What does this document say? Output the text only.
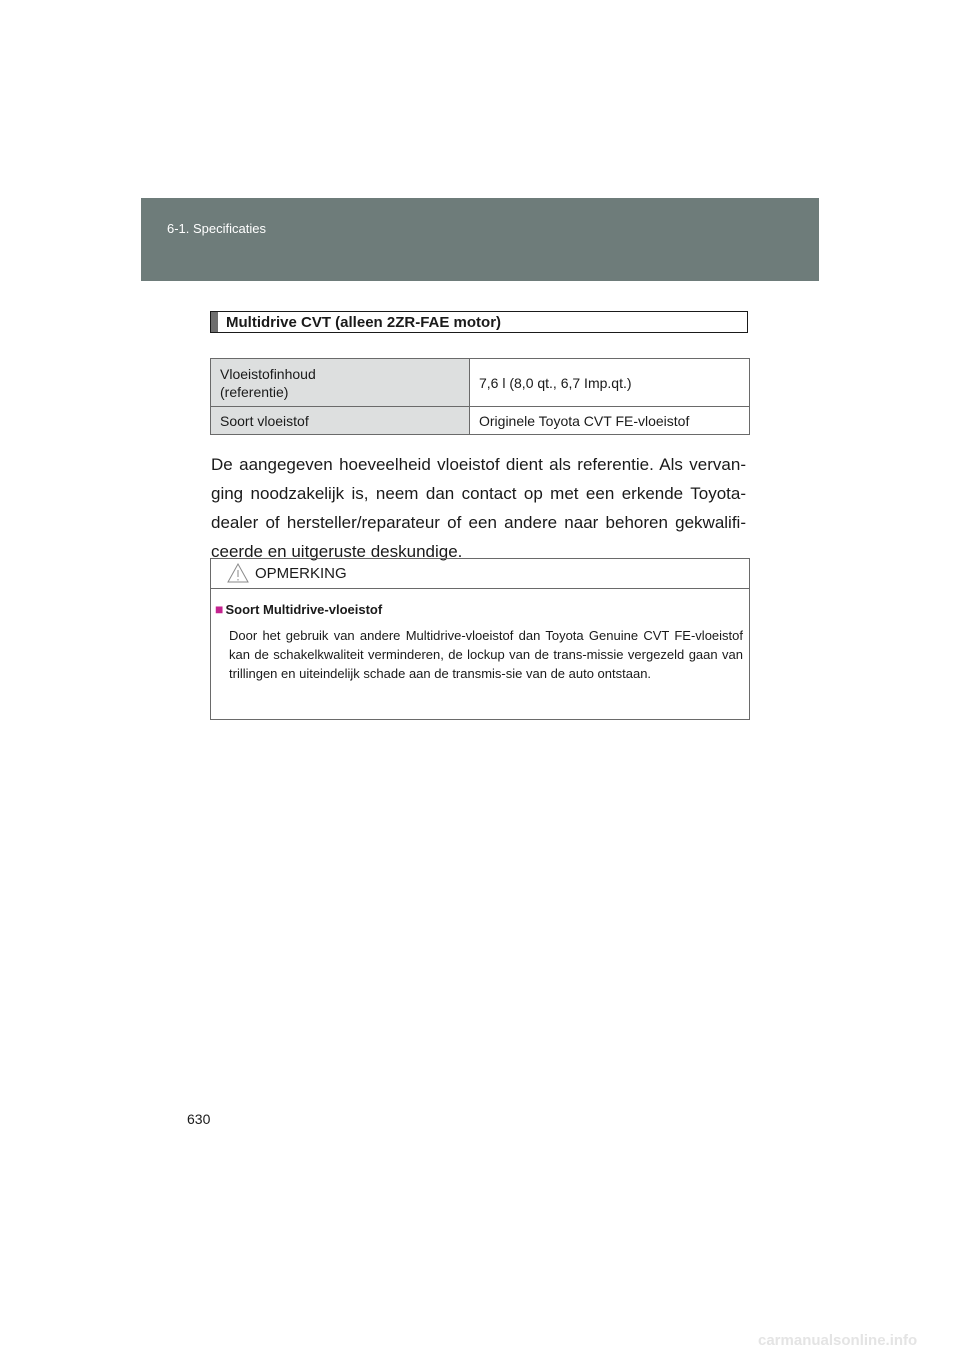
6-1. Specificaties
Multidrive CVT (alleen 2ZR-FAE motor)
Vloeistofinhoud
(referentie)	7,6 l (8,0 qt., 6,7 Imp.qt.)

Soort vloeistof	Originele Toyota CVT FE-vloeistof
De aangegeven hoeveelheid vloeistof dient als referentie. Als vervan-ging noodzakelijk is, neem dan contact op met een erkende Toyota-dealer of hersteller/reparateur of een andere naar behoren gekwalifi-ceerde en uitgeruste deskundige.
OPMERKING
■ Soort Multidrive-vloeistof
Door het gebruik van andere Multidrive-vloeistof dan Toyota Genuine CVT FE-vloeistof kan de schakelkwaliteit verminderen, de lockup van de trans-missie vergezeld gaan van trillingen en uiteindelijk schade aan de transmis-sie van de auto ontstaan.
630
carmanualsonline.info
